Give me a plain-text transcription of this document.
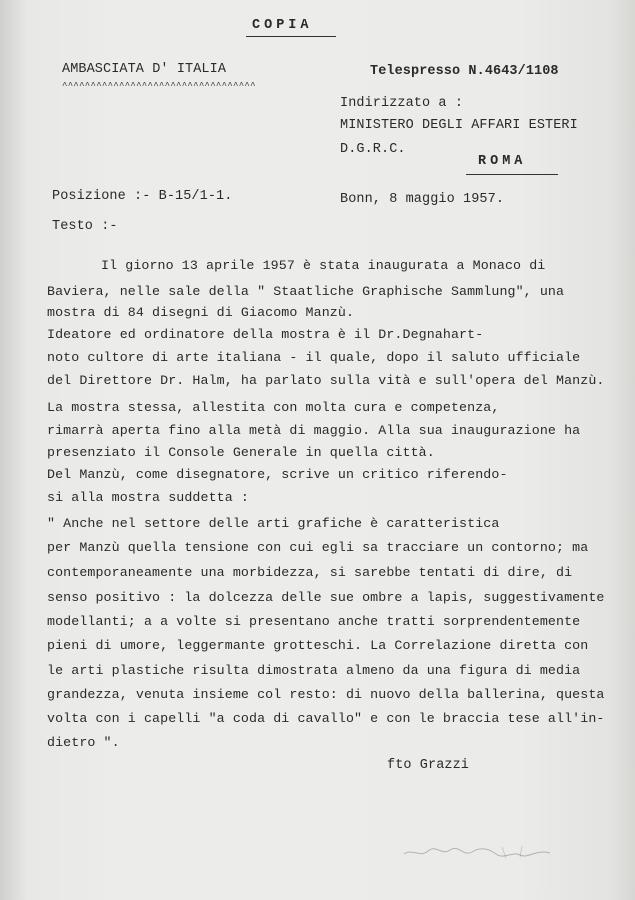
COPIA
AMBASCIATA D' ITALIA
^^^^^^^^^^^^^^^^^^^^^^^^^^^^^^^^^^
Telespresso N.4643/1108
Indirizzato a :
MINISTERO DEGLI AFFARI ESTERI
D.G.R.C.
ROMA
Posizione :- B-15/1-1.	Bonn, 8 maggio 1957.
Testo :-
Il giorno 13 aprile 1957 è stata inaugurata a Monaco di
Baviera, nelle sale della " Staatliche Graphische Sammlung", una
mostra di 84 disegni di Giacomo Manzù.
Ideatore ed ordinatore della mostra è il Dr.Degnahart-
noto cultore di arte italiana - il quale, dopo il saluto ufficiale
del Direttore Dr. Halm, ha parlato sulla vità e sull'opera del Manzù.
La mostra stessa, allestita con molta cura e competenza,
rimarrà aperta fino alla metà di maggio. Alla sua inaugurazione ha
presenziato il Console Generale in quella città.
Del Manzù, come disegnatore, scrive un critico riferendo-
si alla mostra suddetta :
" Anche nel settore delle arti grafiche è caratteristica
per Manzù quella tensione con cui egli sa tracciare un contorno; ma
contemporaneamente una morbidezza, si sarebbe tentati di dire, di
senso positivo : la dolcezza delle sue ombre a lapis, suggestivamente
modellanti; a a volte si presentano anche tratti sorprendentemente
pieni di umore, leggermante grotteschi. La Correlazione diretta con
le arti plastiche risulta dimostrata almeno da una figura di media
grandezza, venuta insieme col resto: di nuovo della ballerina, questa
volta con i capelli "a coda di cavallo" e con le braccia tese all'in-
dietro ".
fto Grazzi
